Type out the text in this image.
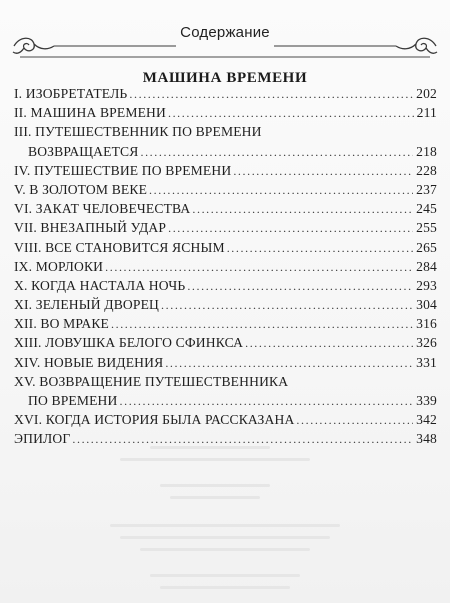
Содержание
МАШИНА ВРЕМЕНИ
I. ИЗОБРЕТАТЕЛЬ .....	202
II. МАШИНА ВРЕМЕНИ .....	211
III. ПУТЕШЕСТВЕННИК ПО ВРЕМЕНИ
ВОЗВРАЩАЕТСЯ .....	218
IV. ПУТЕШЕСТВИЕ ПО ВРЕМЕНИ .....	228
V. В ЗОЛОТОМ ВЕКЕ .....	237
VI. ЗАКАТ ЧЕЛОВЕЧЕСТВА .....	245
VII. ВНЕЗАПНЫЙ УДАР .....	255
VIII. ВСЕ СТАНОВИТСЯ ЯСНЫМ .....	265
IX. МОРЛОКИ .....	284
X. КОГДА НАСТАЛА НОЧЬ .....	293
XI. ЗЕЛЕНЫЙ ДВОРЕЦ .....	304
XII. ВО МРАКЕ .....	316
XIII. ЛОВУШКА БЕЛОГО СФИНКСА .....	326
XIV. НОВЫЕ ВИДЕНИЯ .....	331
XV. ВОЗВРАЩЕНИЕ ПУТЕШЕСТВЕННИКА
ПО ВРЕМЕНИ .....	339
XVI. КОГДА ИСТОРИЯ БЫЛА РАССКАЗАНА .....	342
ЭПИЛОГ .....	348
